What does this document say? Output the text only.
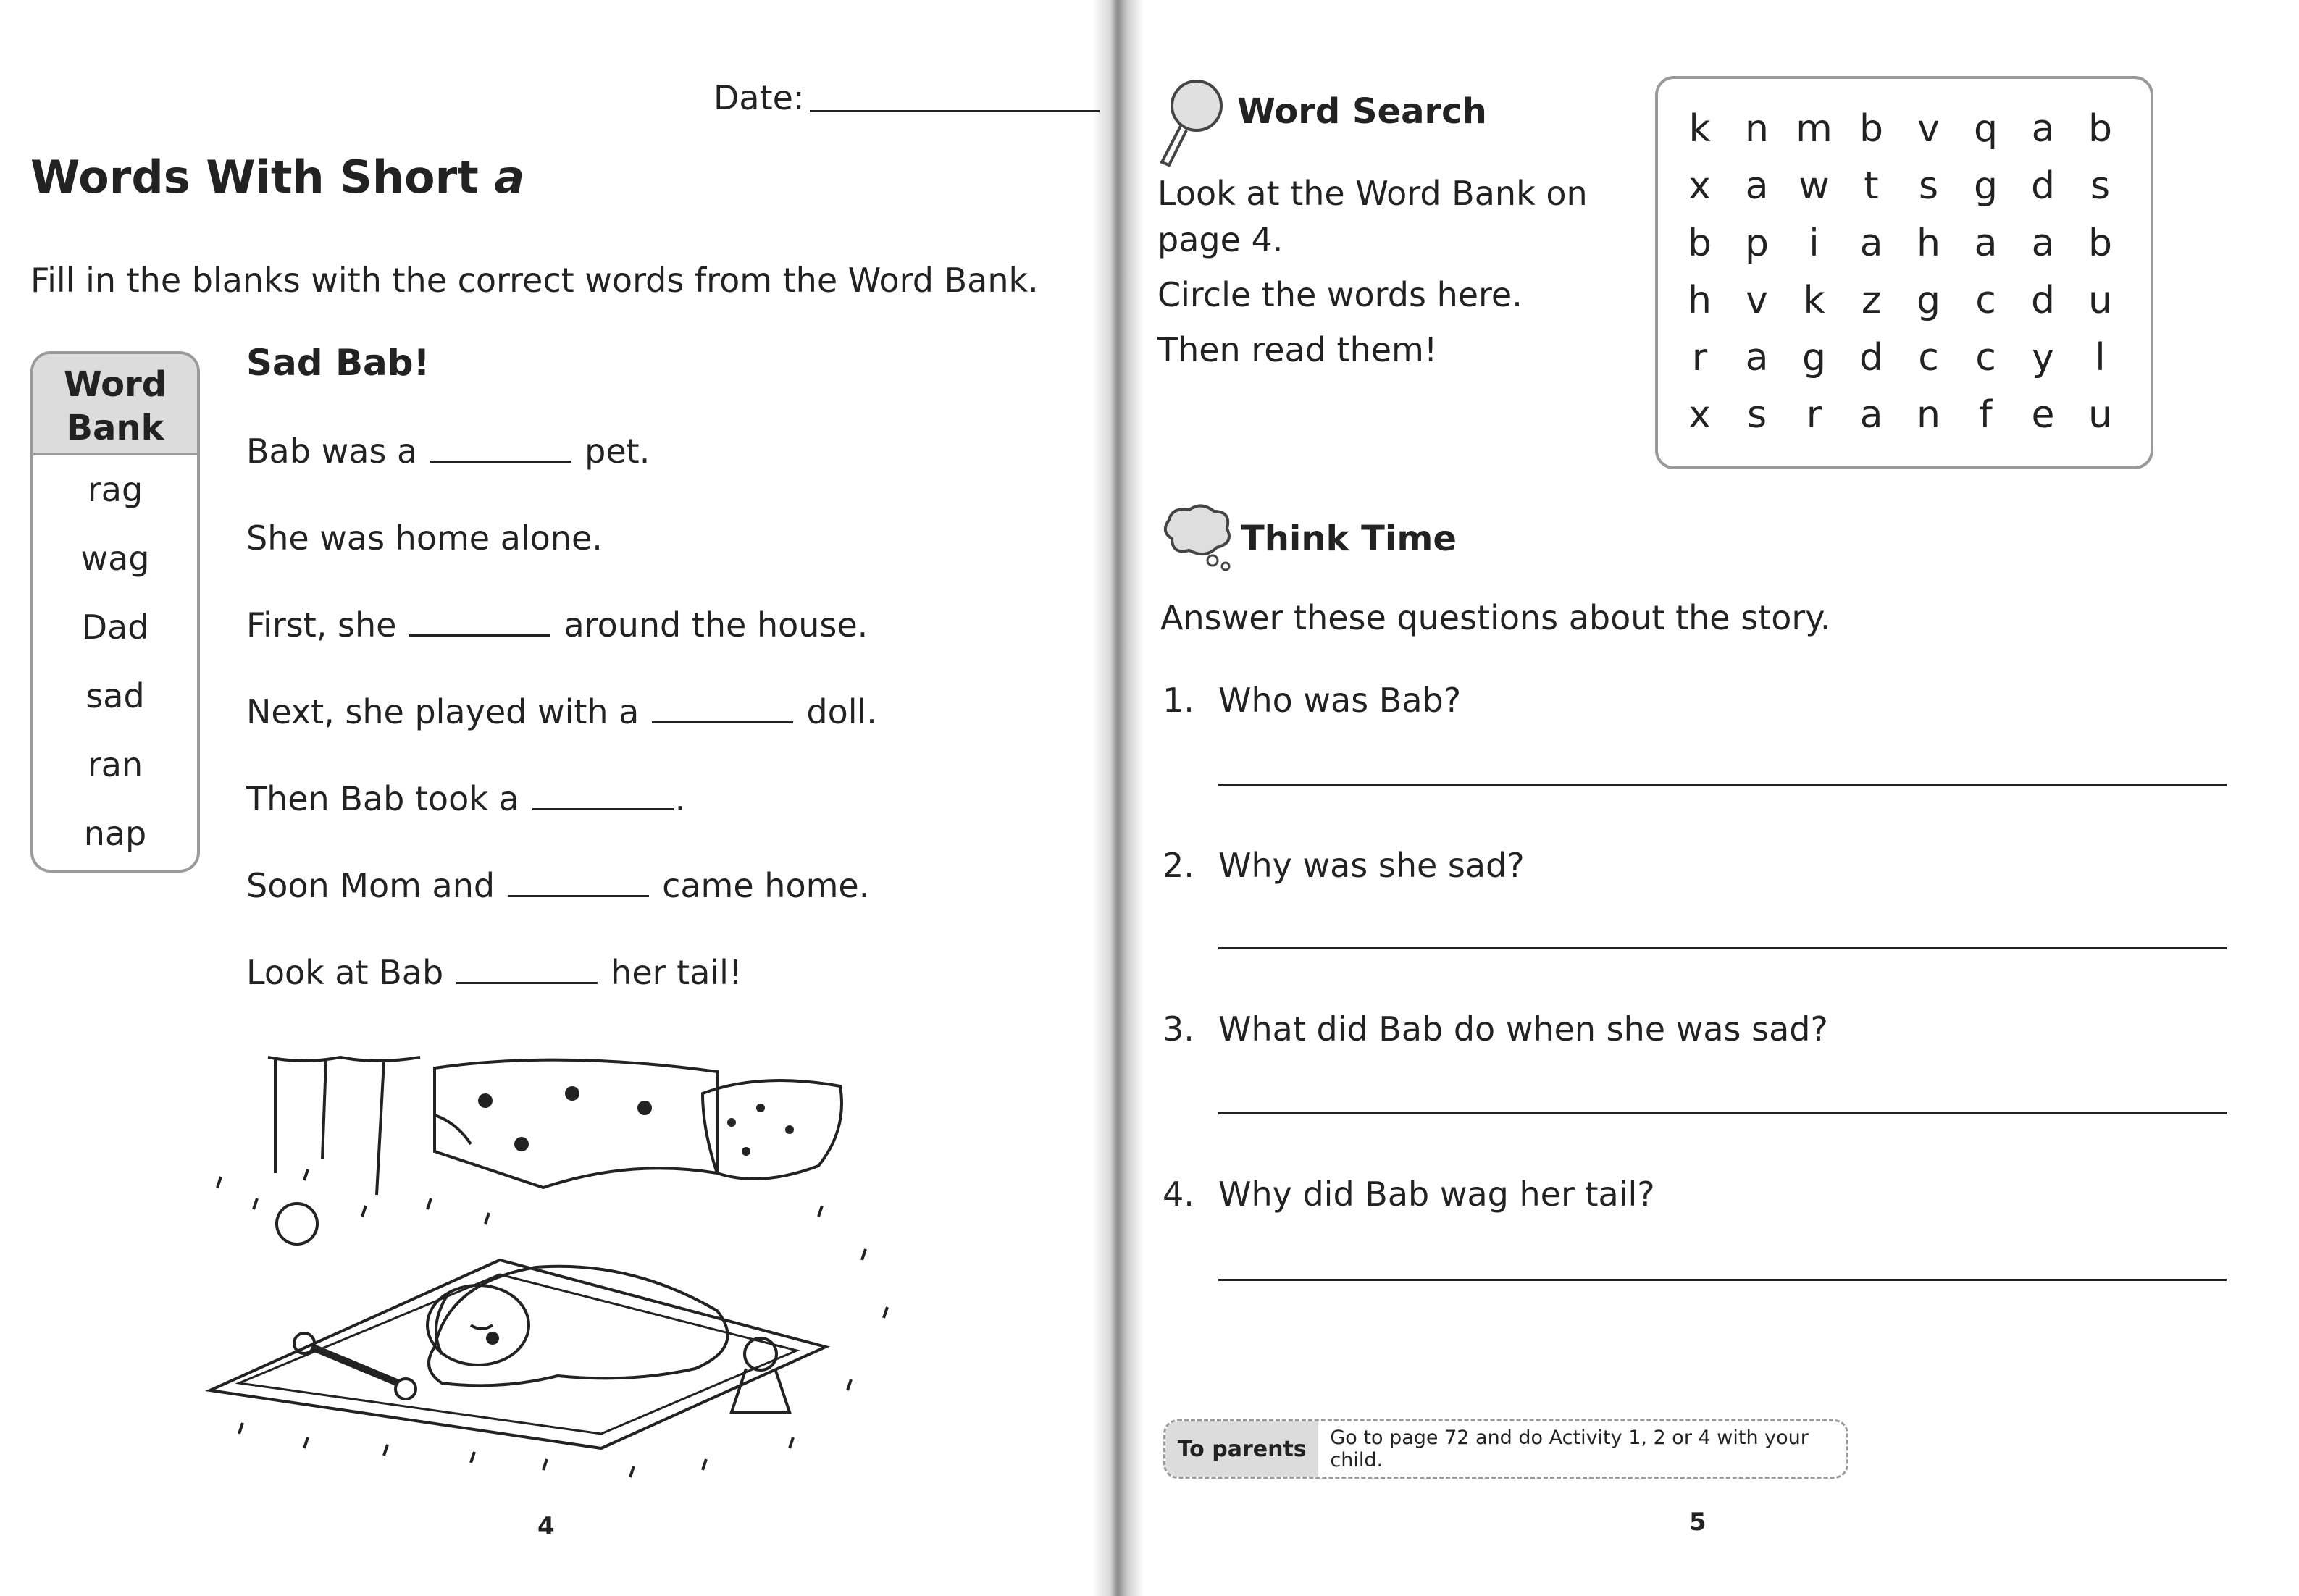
Date:
Words With Short a
Fill in the blanks with the correct words from the Word Bank.
Word
Bank
rag
wag
Dad
sad
ran
nap
Sad Bab!
Bab was a	pet.
She was home alone.
First, she	around the house.
Next, she played with a	doll.
Then Bab took a	.
Soon Mom and	came home.
Look at Bab	her tail!
4
Word Search
Look at the Word Bank on
page 4.
Circle the words here.
Then read them!
k n m b v q a b
x a w t	s g d s
b p	i	a h a a b
h v k z g c d u
r	a g d c c y	l
x s	r	a n	f	e u
Think Time
Answer these questions about the story.
1. Who was Bab?
2. Why was she sad?
3. What did Bab do when she was sad?
4. Why did Bab wag her tail?
To parents	Go to page 72 and do Activity 1, 2 or 4 with your child.
5
